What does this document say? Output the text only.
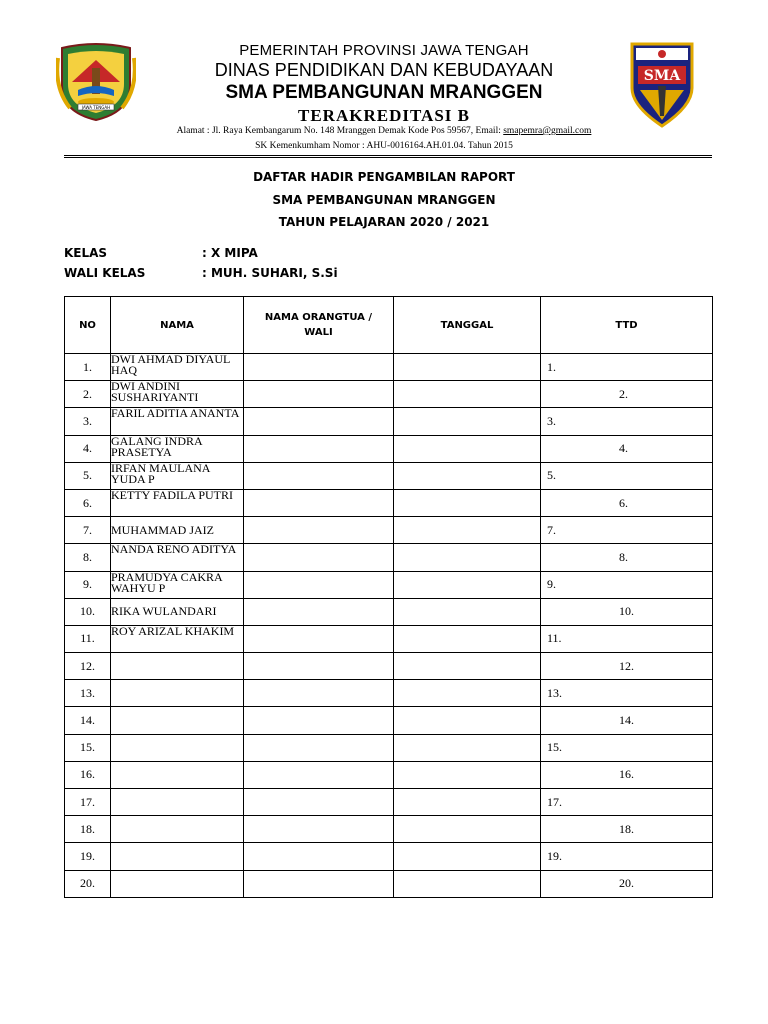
JAWA TENGAH
SMA
PEMERINTAH PROVINSI JAWA TENGAH
DINAS PENDIDIKAN DAN KEBUDAYAAN
SMA PEMBANGUNAN MRANGGEN
TERAKREDITASI B
Alamat : Jl. Raya Kembangarum No. 148 Mranggen Demak Kode Pos 59567, Email: smapemra@gmail.com
SK Kemenkumham Nomor : AHU-0016164.AH.01.04. Tahun 2015
DAFTAR HADIR PENGAMBILAN RAPORT
SMA PEMBANGUNAN MRANGGEN
TAHUN PELAJARAN 2020 / 2021
KELAS	: X MIPA
WALI KELAS	: MUH. SUHARI, S.Si
NO	NAMA	NAMA ORANGTUA / WALI	TANGGAL	TTD
1.	DWI AHMAD DIYAUL HAQ			1.

2.	DWI ANDINI SUSHARIYANTI			2.

3.	FARIL ADITIA ANANTA			3.

4.	GALANG INDRA PRASETYA			4.

5.	IRFAN MAULANA YUDA P			5.

6.	KETTY FADILA PUTRI			6.

7.	MUHAMMAD JAIZ			7.

8.	NANDA RENO ADITYA			8.

9.	PRAMUDYA CAKRA WAHYU P			9.

10.	RIKA WULANDARI			10.

11.	ROY ARIZAL KHAKIM			11.

12.				12.

13.				13.

14.				14.

15.				15.

16.				16.

17.				17.

18.				18.

19.				19.

20.				20.
